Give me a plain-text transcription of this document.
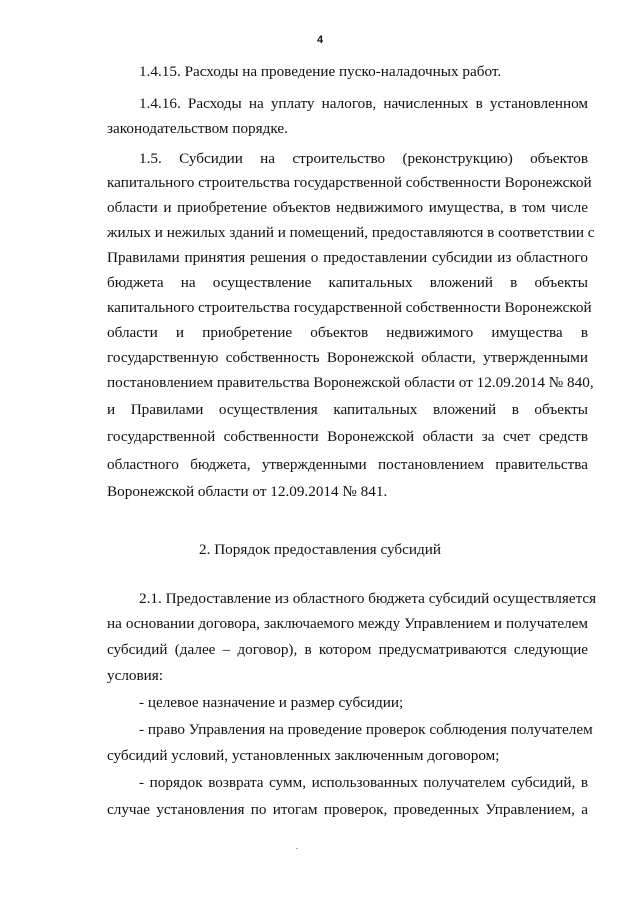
4
1.4.15. Расходы на проведение пуско-наладочных работ.
1.4.16. Расходы на уплату налогов, начисленных в установленном
законодательством порядке.
1.5. Субсидии на строительство (реконструкцию) объектов
капитального строительства государственной собственности Воронежской
области и приобретение объектов недвижимого имущества, в том числе
жилых и нежилых зданий и помещений, предоставляются в соответствии с
Правилами принятия решения о предоставлении субсидии из областного
бюджета на осуществление капитальных вложений в объекты
капитального строительства государственной собственности Воронежской
области и приобретение объектов недвижимого имущества в
государственную собственность Воронежской области, утвержденными
постановлением правительства Воронежской области от 12.09.2014 № 840,
и Правилами осуществления капитальных вложений в объекты
государственной собственности Воронежской области за счет средств
областного бюджета, утвержденными постановлением правительства
Воронежской области от 12.09.2014 № 841.
2. Порядок предоставления субсидий
2.1. Предоставление из областного бюджета субсидий осуществляется
на основании договора, заключаемого между Управлением и получателем
субсидий (далее – договор), в котором предусматриваются следующие
условия:
- целевое назначение и размер субсидии;
- право Управления на проведение проверок соблюдения получателем
субсидий условий, установленных заключенным договором;
- порядок возврата сумм, использованных получателем субсидий, в
случае установления по итогам проверок, проведенных Управлением, а
